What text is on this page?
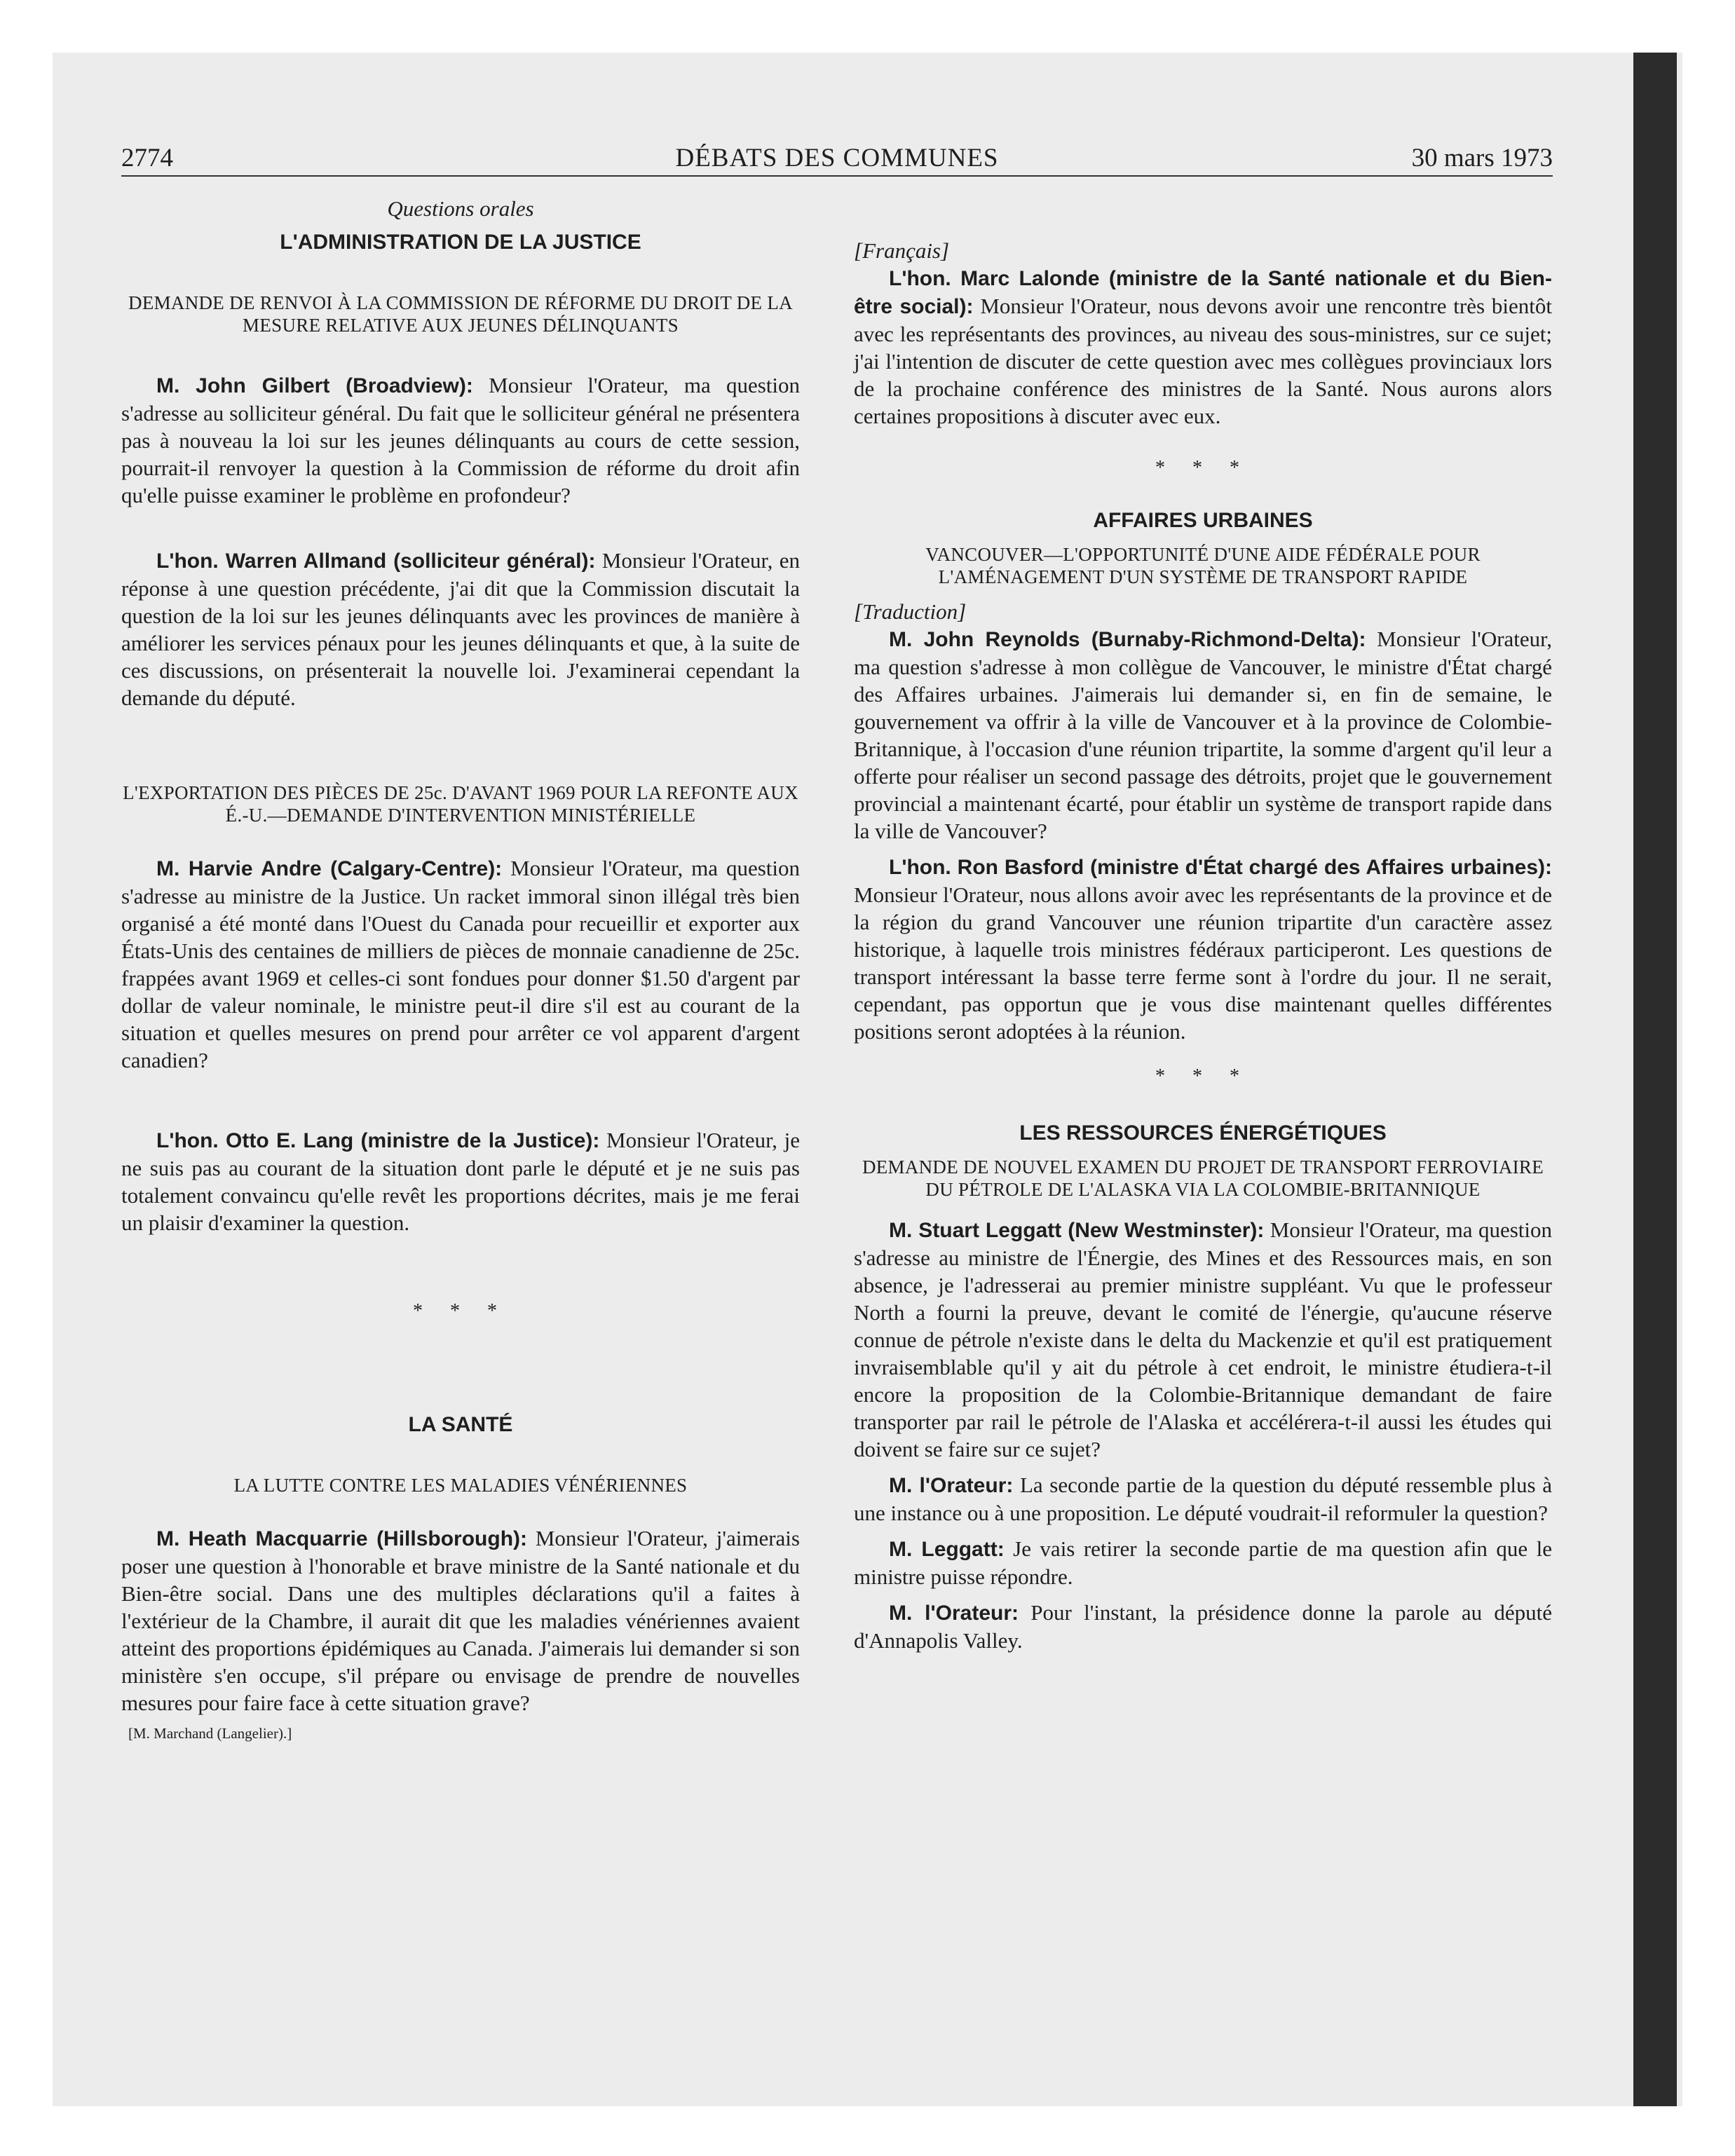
2774	DÉBATS DES COMMUNES	30 mars 1973
Questions orales
L'ADMINISTRATION DE LA JUSTICE
DEMANDE DE RENVOI À LA COMMISSION DE RÉFORME DU DROIT DE LA MESURE RELATIVE AUX JEUNES DÉLINQUANTS

M. John Gilbert (Broadview): Monsieur l'Orateur, ma question s'adresse au solliciteur général. Du fait que le solliciteur général ne présentera pas à nouveau la loi sur les jeunes délinquants au cours de cette session, pourrait-il renvoyer la question à la Commission de réforme du droit afin qu'elle puisse examiner le problème en profondeur?

L'hon. Warren Allmand (solliciteur général): Monsieur l'Orateur, en réponse à une question précédente, j'ai dit que la Commission discutait la question de la loi sur les jeunes délinquants avec les provinces de manière à améliorer les services pénaux pour les jeunes délinquants et que, à la suite de ces discussions, on présenterait la nouvelle loi. J'examinerai cependant la demande du député.

L'EXPORTATION DES PIÈCES DE 25c. D'AVANT 1969 POUR LA REFONTE AUX É.-U.—DEMANDE D'INTERVENTION MINISTÉRIELLE

M. Harvie Andre (Calgary-Centre): Monsieur l'Orateur, ma question s'adresse au ministre de la Justice. Un racket immoral sinon illégal très bien organisé a été monté dans l'Ouest du Canada pour recueillir et exporter aux États-Unis des centaines de milliers de pièces de monnaie canadienne de 25c. frappées avant 1969 et celles-ci sont fondues pour donner $1.50 d'argent par dollar de valeur nominale, le ministre peut-il dire s'il est au courant de la situation et quelles mesures on prend pour arrêter ce vol apparent d'argent canadien?

L'hon. Otto E. Lang (ministre de la Justice): Monsieur l'Orateur, je ne suis pas au courant de la situation dont parle le député et je ne suis pas totalement convaincu qu'elle revêt les proportions décrites, mais je me ferai un plaisir d'examiner la question.

* * *
LA SANTÉ
LA LUTTE CONTRE LES MALADIES VÉNÉRIENNES

M. Heath Macquarrie (Hillsborough): Monsieur l'Orateur, j'aimerais poser une question à l'honorable et brave ministre de la Santé nationale et du Bien-être social. Dans une des multiples déclarations qu'il a faites à l'extérieur de la Chambre, il aurait dit que les maladies vénériennes avaient atteint des proportions épidémiques au Canada. J'aimerais lui demander si son ministère s'en occupe, s'il prépare ou envisage de prendre de nouvelles mesures pour faire face à cette situation grave?

[M. Marchand (Langelier).]
[Français]

L'hon. Marc Lalonde (ministre de la Santé nationale et du Bien-être social): Monsieur l'Orateur, nous devons avoir une rencontre très bientôt avec les représentants des provinces, au niveau des sous-ministres, sur ce sujet; j'ai l'intention de discuter de cette question avec mes collègues provinciaux lors de la prochaine conférence des ministres de la Santé. Nous aurons alors certaines propositions à discuter avec eux.

* * *
AFFAIRES URBAINES
VANCOUVER—L'OPPORTUNITÉ D'UNE AIDE FÉDÉRALE POUR L'AMÉNAGEMENT D'UN SYSTÈME DE TRANSPORT RAPIDE
[Traduction]

M. John Reynolds (Burnaby-Richmond-Delta): Monsieur l'Orateur, ma question s'adresse à mon collègue de Vancouver, le ministre d'État chargé des Affaires urbaines. J'aimerais lui demander si, en fin de semaine, le gouvernement va offrir à la ville de Vancouver et à la province de Colombie-Britannique, à l'occasion d'une réunion tripartite, la somme d'argent qu'il leur a offerte pour réaliser un second passage des détroits, projet que le gouvernement provincial a maintenant écarté, pour établir un système de transport rapide dans la ville de Vancouver?

L'hon. Ron Basford (ministre d'État chargé des Affaires urbaines): Monsieur l'Orateur, nous allons avoir avec les représentants de la province et de la région du grand Vancouver une réunion tripartite d'un caractère assez historique, à laquelle trois ministres fédéraux participeront. Les questions de transport intéressant la basse terre ferme sont à l'ordre du jour. Il ne serait, cependant, pas opportun que je vous dise maintenant quelles différentes positions seront adoptées à la réunion.

* * *
LES RESSOURCES ÉNERGÉTIQUES
DEMANDE DE NOUVEL EXAMEN DU PROJET DE TRANSPORT FERROVIAIRE DU PÉTROLE DE L'ALASKA VIA LA COLOMBIE-BRITANNIQUE

M. Stuart Leggatt (New Westminster): Monsieur l'Orateur, ma question s'adresse au ministre de l'Énergie, des Mines et des Ressources mais, en son absence, je l'adresserai au premier ministre suppléant. Vu que le professeur North a fourni la preuve, devant le comité de l'énergie, qu'aucune réserve connue de pétrole n'existe dans le delta du Mackenzie et qu'il est pratiquement invraisemblable qu'il y ait du pétrole à cet endroit, le ministre étudiera-t-il encore la proposition de la Colombie-Britannique demandant de faire transporter par rail le pétrole de l'Alaska et accélérera-t-il aussi les études qui doivent se faire sur ce sujet?

M. l'Orateur: La seconde partie de la question du député ressemble plus à une instance ou à une proposition. Le député voudrait-il reformuler la question?

M. Leggatt: Je vais retirer la seconde partie de ma question afin que le ministre puisse répondre.

M. l'Orateur: Pour l'instant, la présidence donne la parole au député d'Annapolis Valley.
